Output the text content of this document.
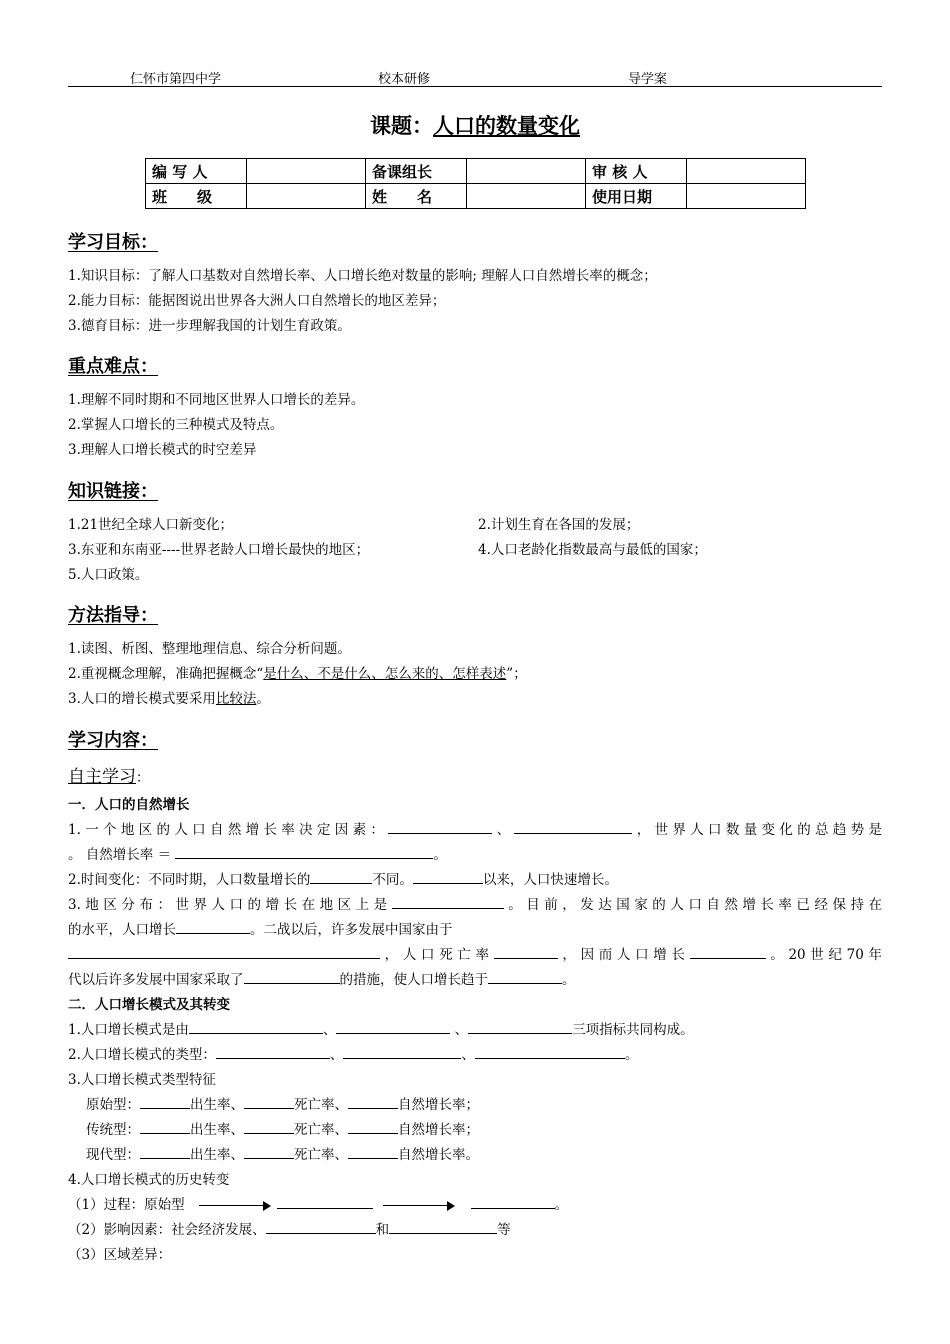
仁怀市第四中学	校本研修	导学案
课题：人口的数量变化
编 写 人		备课组长		审 核 人	
班　　级		姓　　名		使用日期	
学习目标：
1.知识目标：了解人口基数对自然增长率、人口增长绝对数量的影响; 理解人口自然增长率的概念；
2.能力目标：能据图说出世界各大洲人口自然增长的地区差异；
3.德育目标：进一步理解我国的计划生育政策。
重点难点：
1.理解不同时期和不同地区世界人口增长的差异。
2.掌握人口增长的三种模式及特点。
3.理解人口增长模式的时空差异
知识链接：
1.21世纪全球人口新变化；	2.计划生育在各国的发展；
3.东亚和东南亚----世界老龄人口增长最快的地区；	4.人口老龄化指数最高与最低的国家；
5.人口政策。
方法指导：
1.读图、析图、整理地理信息、综合分析问题。
2.重视概念理解，准确把握概念“是什么、不是什么、怎么来的、怎样表述”；
3.人口的增长模式要采用比较法。
学习内容：
自主学习：
一．人口的自然增长
1.一个地区的人口自然增长率决定因素：	、	，世界人口数量变化的总趋势是
。 自然增长率 ＝	。
2.时间变化：不同时期，人口数量增长的	不同。	以来，人口快速增长。
3.地区分布：世界人口的增长在地区上是	。目前，发达国家的人口自然增长率已经保持在
的水平，人口增长	。二战以后，许多发展中国家由于
，人口死亡率	，因而人口增长	。20世纪70年
代以后许多发展中国家采取了	的措施，使人口增长趋于	。
二．人口增长模式及其转变
1.人口增长模式是由	、	、	三项指标共同构成。
2.人口增长模式的类型：	、	、	。
3.人口增长模式类型特征
原始型：	出生率、	死亡率、	自然增长率；
传统型：	出生率、	死亡率、	自然增长率；
现代型：	出生率、	死亡率、	自然增长率。
4.人口增长模式的历史转变
（1）过程：原始型	。
（2）影响因素：社会经济发展、	和	等
（3）区域差异：
